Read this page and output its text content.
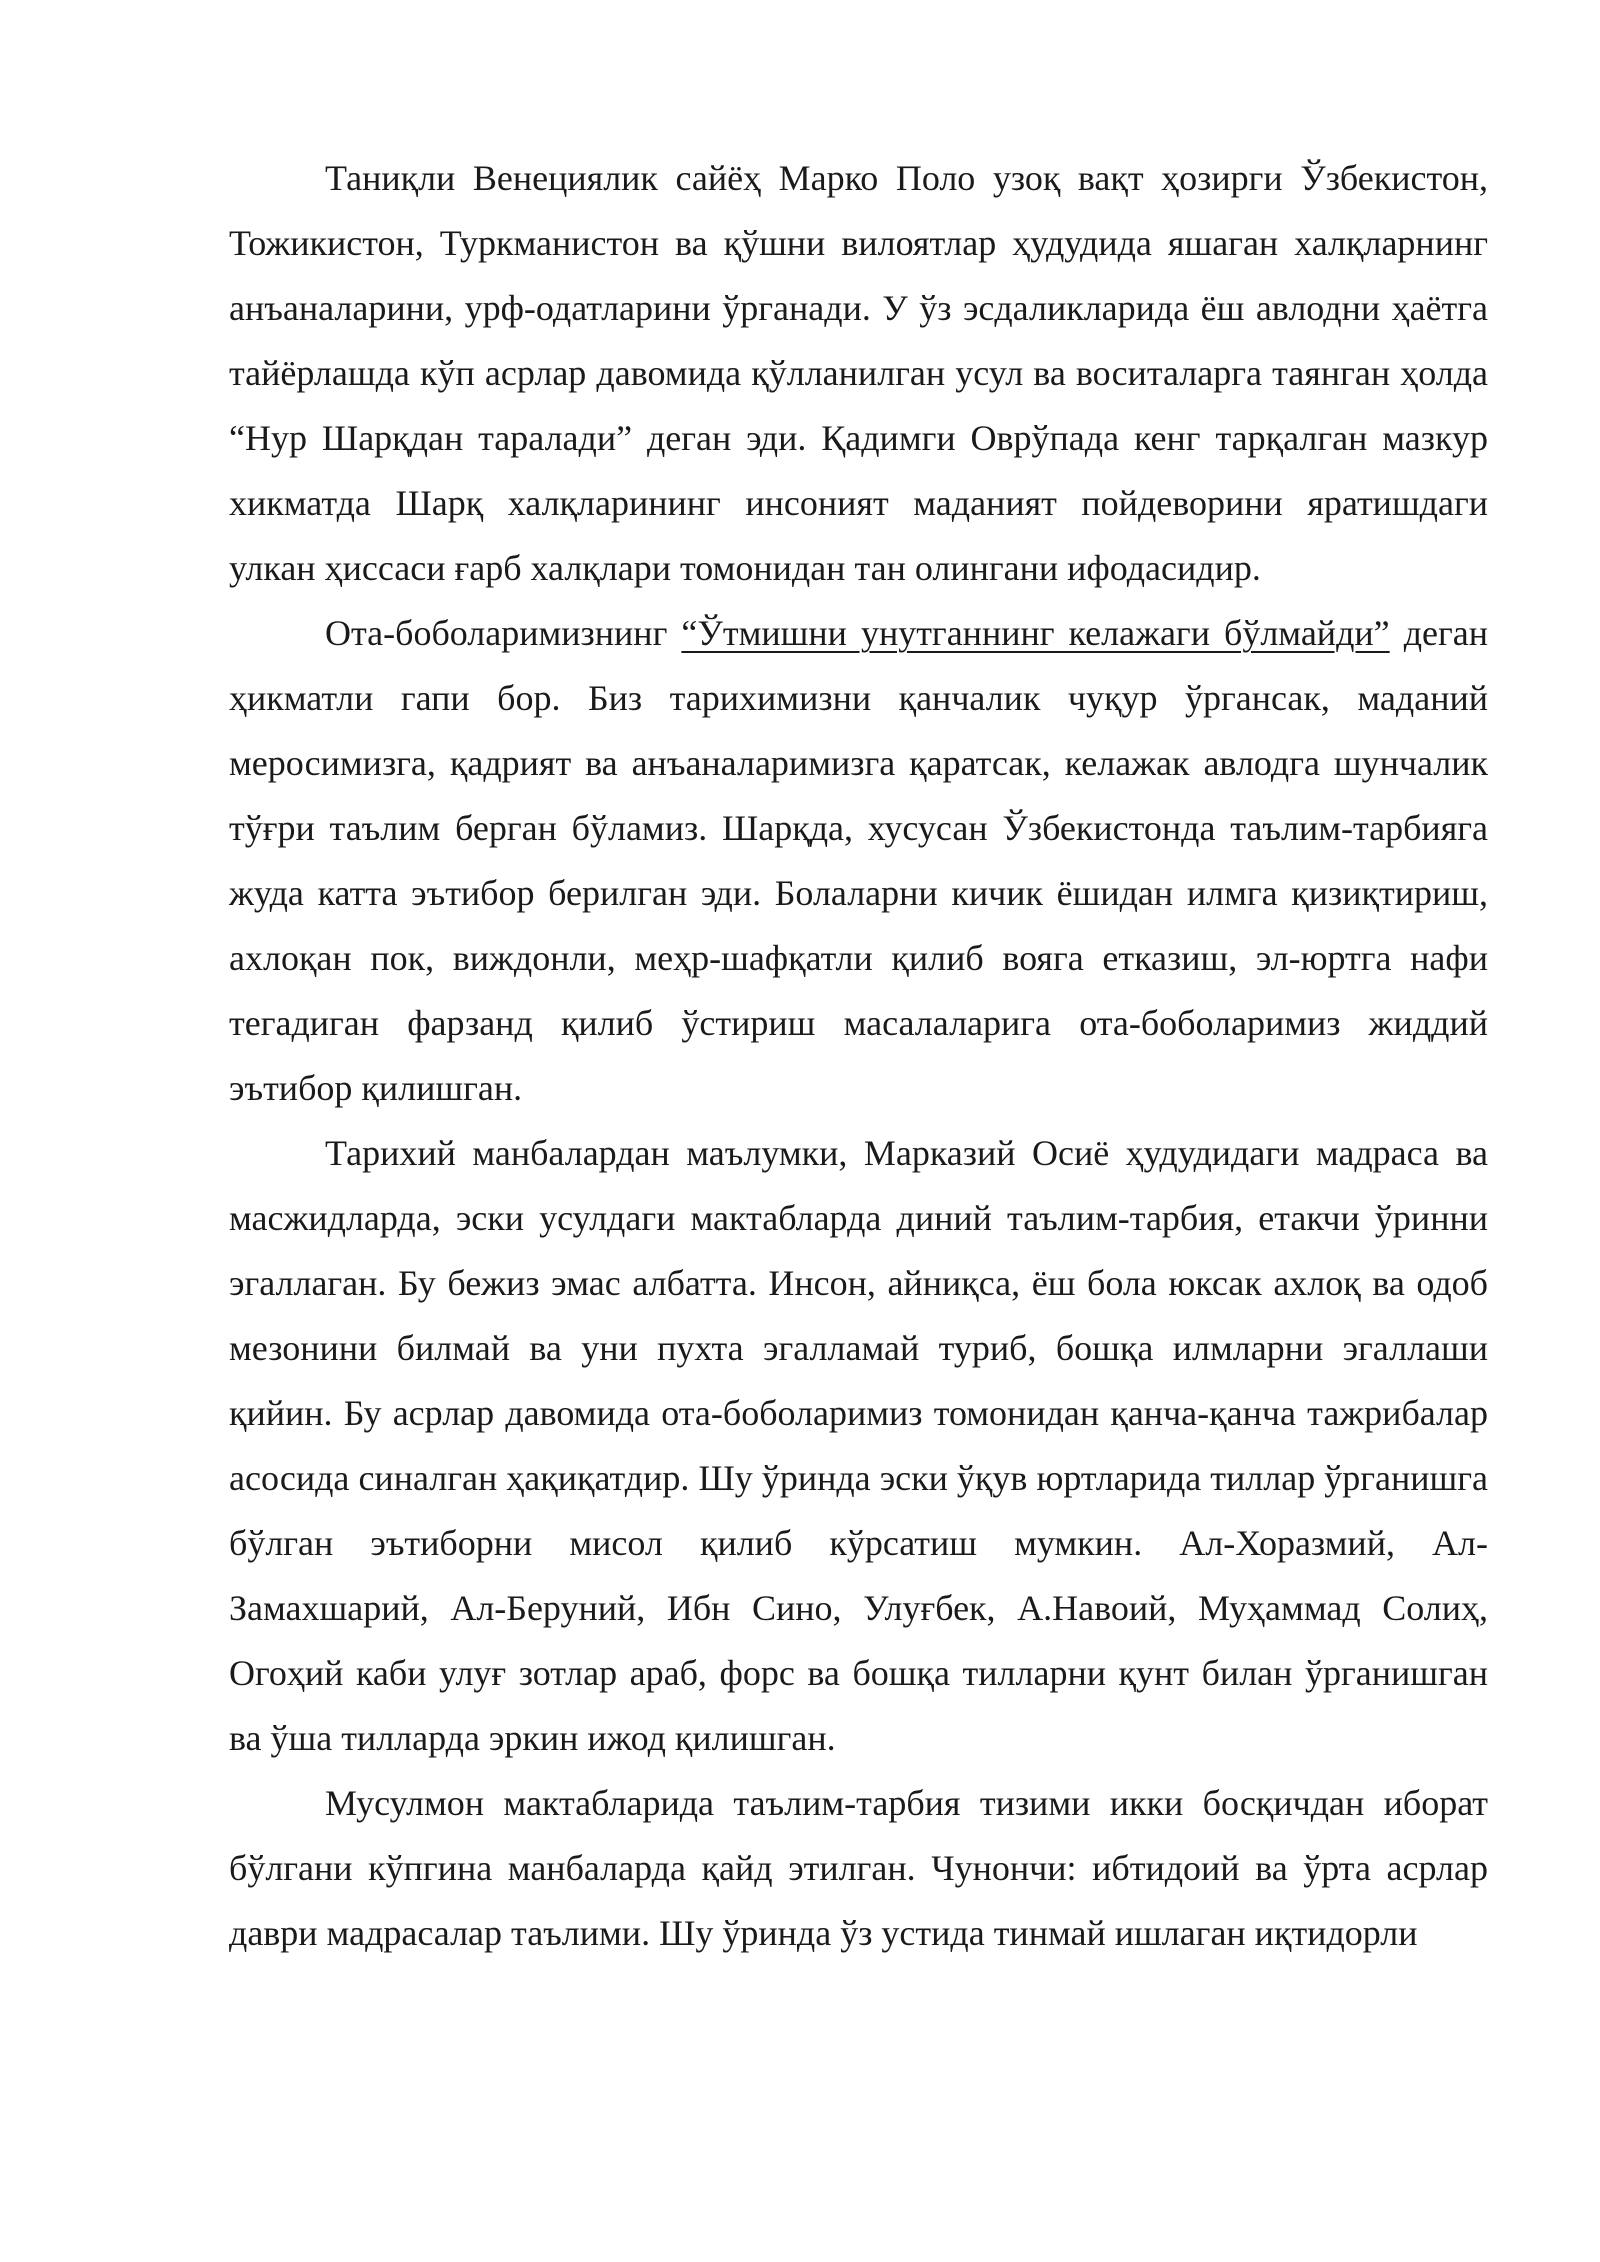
Таниқли Венециялик сайёҳ Марко Поло узоқ вақт ҳозирги Ўзбекистон, Тожикистон, Туркманистон ва қўшни вилоятлар ҳудудида яшаган халқларнинг анъаналарини, урф-одатларини ўрганади. У ўз эсдаликларида ёш авлодни ҳаётга тайёрлашда кўп асрлар давомида қўлланилган усул ва воситаларга таянган ҳолда “Нур Шарқдан таралади” деган эди. Қадимги Оврўпада кенг тарқалган мазкур хикматда Шарқ халқларининг инсоният маданият пойдеворини яратишдаги улкан ҳиссаси ғарб халқлари томонидан тан олингани ифодасидир.

Ота-боболаримизнинг “Ўтмишни унутганнинг келажаги бўлмайди” деган ҳикматли гапи бор. Биз тарихимизни қанчалик чуқур ўргансак, маданий меросимизга, қадрият ва анъаналаримизга қаратсак, келажак авлодга шунчалик тўғри таълим берган бўламиз. Шарқда, хусусан Ўзбекистонда таълим-тарбияга жуда катта эътибор берилган эди. Болаларни кичик ёшидан илмга қизиқтириш, ахлоқан пок, виждонли, меҳр-шафқатли қилиб вояга етказиш, эл-юртга нафи тегадиган фарзанд қилиб ўстириш масалаларига ота-боболаримиз жиддий эътибор қилишган.

Тарихий манбалардан маълумки, Марказий Осиё ҳудудидаги мадраса ва масжидларда, эски усулдаги мактабларда диний таълим-тарбия, етакчи ўринни эгаллаган. Бу бежиз эмас албатта. Инсон, айниқса, ёш бола юксак ахлоқ ва одоб мезонини билмай ва уни пухта эгалламай туриб, бошқа илмларни эгаллаши қийин. Бу асрлар давомида ота-боболаримиз томонидан қанча-қанча тажрибалар асосида синалган ҳақиқатдир. Шу ўринда эски ўқув юртларида тиллар ўрганишга бўлган эътиборни мисол қилиб кўрсатиш мумкин. Ал-Хоразмий, Ал-Замахшарий, Ал-Беруний, Ибн Сино, Улуғбек, А.Навоий, Муҳаммад Солиҳ, Огоҳий каби улуғ зотлар араб, форс ва бошқа тилларни қунт билан ўрганишган ва ўша тилларда эркин ижод қилишган.

Мусулмон мактабларида таълим-тарбия тизими икки босқичдан иборат бўлгани кўпгина манбаларда қайд этилган. Чунончи: ибтидоий ва ўрта асрлар даври мадрасалар таълими. Шу ўринда ўз устида тинмай ишлаган иқтидорли
